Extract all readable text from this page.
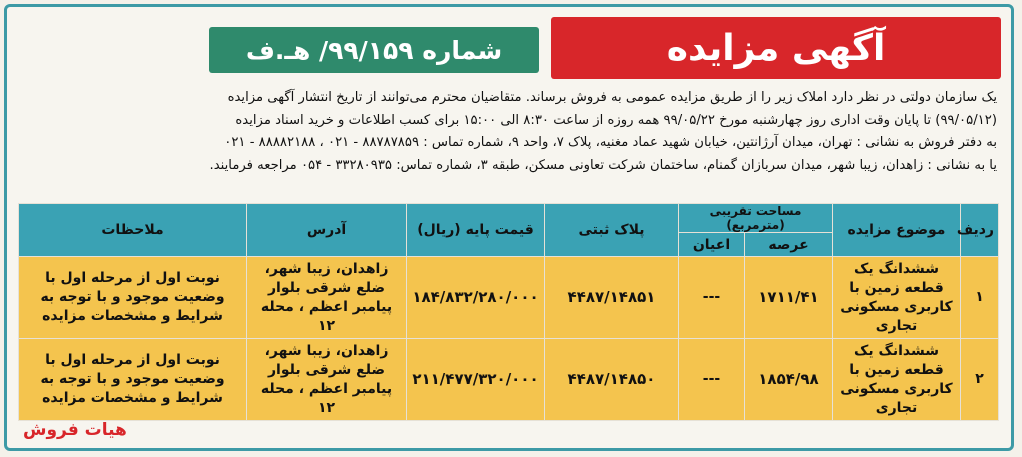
آگهی مزایده
شماره ۹۹/۱۵۹/ هـ.ف

یک سازمان دولتی در نظر دارد املاک زیر را از طریق مزایده عمومی به فروش برساند. متقاضیان محترم می‌توانند از تاریخ انتشار آگهی مزایده

(۹۹/۰۵/۱۲) تا پایان وقت اداری روز چهارشنبه مورخ ۹۹/۰۵/۲۲ همه روزه از ساعت ۸:۳۰ الی ۱۵:۰۰ برای کسب اطلاعات و خرید اسناد مزایده

به دفتر فروش به نشانی : تهران، میدان آرژانتین، خیابان شهید عماد مغنیه، پلاک ۷، واحد ۹، شماره تماس : ۸۸۷۸۷۸۵۹ - ۰۲۱ ، ۸۸۸۸۲۱۸۸ - ۰۲۱

یا به نشانی : زاهدان، زیبا شهر، میدان سربازان گمنام، ساختمان شرکت تعاونی مسکن، طبقه ۳، شماره تماس: ۳۳۲۸۰۹۳۵ - ۰۵۴ مراجعه فرمایند.

ردیف	موضوع مزایده	مساحت تقریبی (مترمربع)		پلاک ثبتی	قیمت پایه (ریال)	آدرس	ملاحظات
		عرصه	اعیان				
۱	ششدانگ یک قطعه زمین با کاربری مسکونی تجاری	۱۷۱۱/۴۱	---	۴۴۸۷/۱۴۸۵۱	۱۸۴/۸۳۲/۲۸۰/۰۰۰	زاهدان، زیبا شهر، ضلع شرقی بلوار پیامبر اعظم ، محله ۱۲	نوبت اول از مرحله اول با وضعیت موجود و با توجه به شرایط و مشخصات مزایده
۲	ششدانگ یک قطعه زمین با کاربری مسکونی تجاری	۱۸۵۴/۹۸	---	۴۴۸۷/۱۴۸۵۰	۲۱۱/۴۷۷/۳۲۰/۰۰۰	زاهدان، زیبا شهر، ضلع شرقی بلوار پیامبر اعظم ، محله ۱۲	نوبت اول از مرحله اول با وضعیت موجود و با توجه به شرایط و مشخصات مزایده
هیات فروش
